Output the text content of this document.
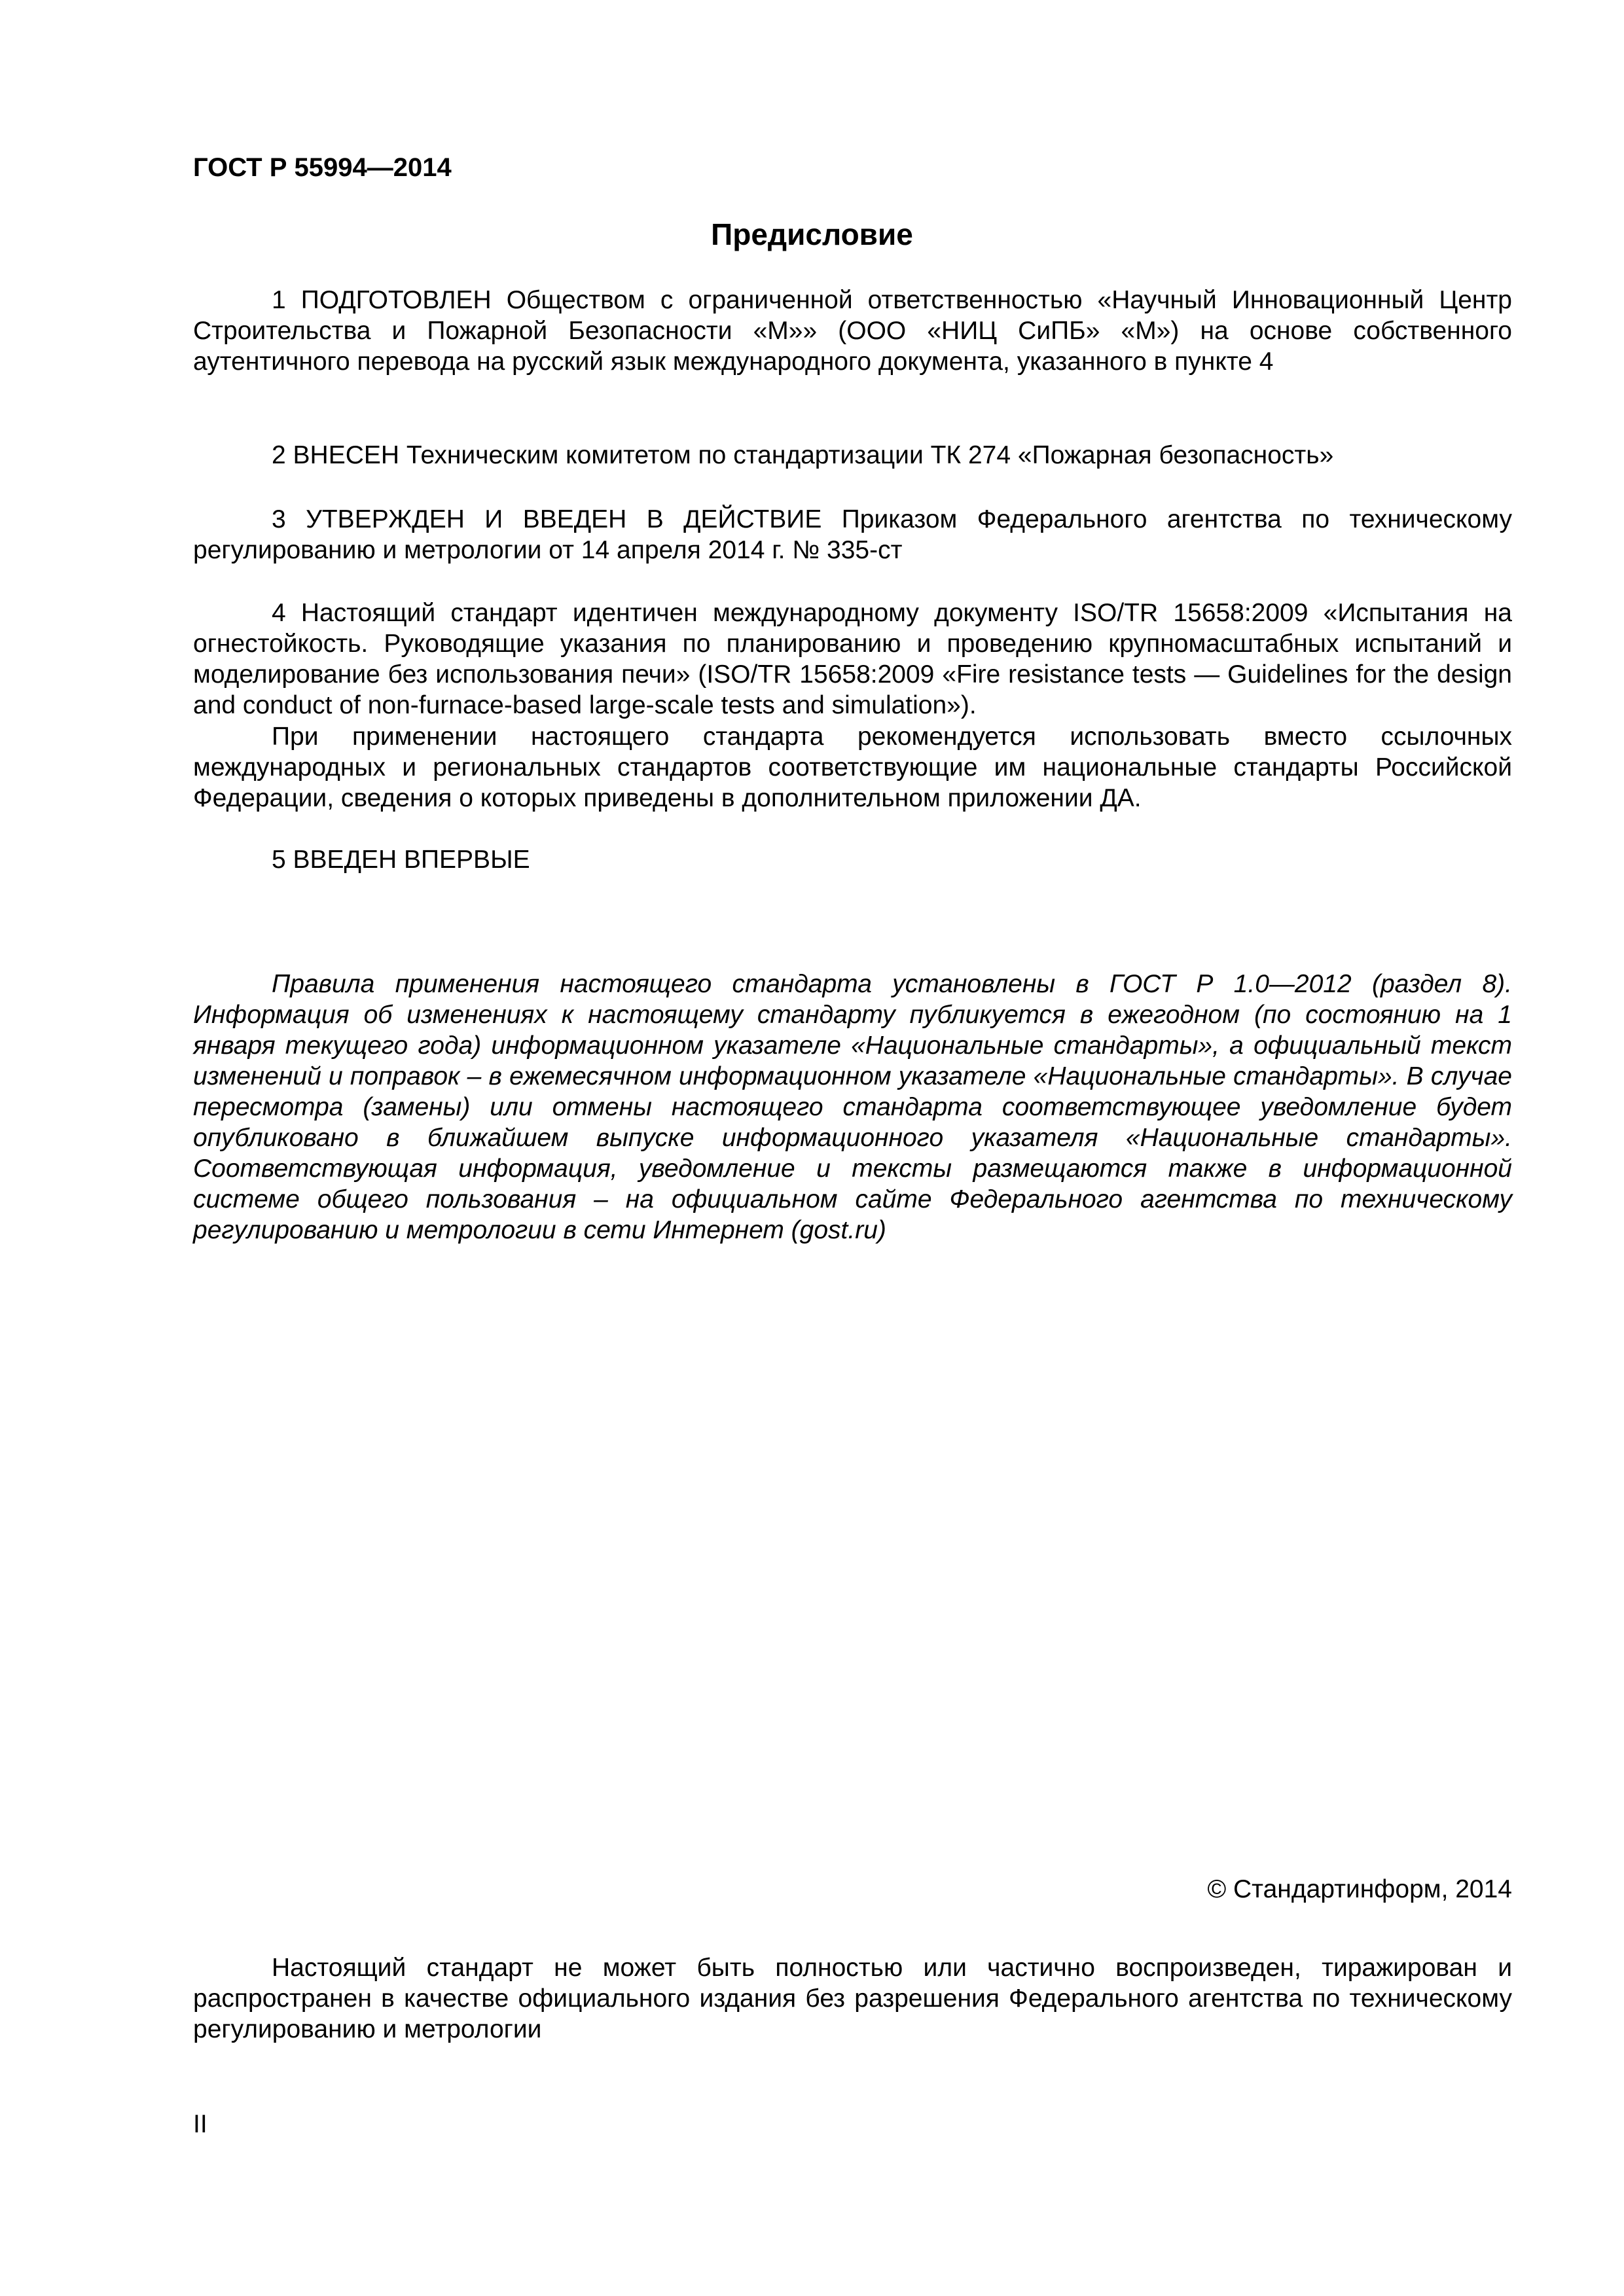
ГОСТ Р 55994—2014
Предисловие

1 ПОДГОТОВЛЕН Обществом с ограниченной ответственностью «Научный Инновационный Центр Строительства и Пожарной Безопасности «М»» (ООО «НИЦ СиПБ» «М») на основе собственного аутентичного перевода на русский язык международного документа, указанного в пункте 4

2 ВНЕСЕН Техническим комитетом по стандартизации ТК 274 «Пожарная безопасность»

3 УТВЕРЖДЕН И ВВЕДЕН В ДЕЙСТВИЕ Приказом Федерального агентства по техническому регулированию и метрологии от 14 апреля 2014 г. № 335-ст

4 Настоящий стандарт идентичен международному документу ISO/TR 15658:2009 «Испытания на огнестойкость. Руководящие указания по планированию и проведению крупномасштабных испытаний и моделирование без использования печи» (ISO/TR 15658:2009 «Fire resistance tests — Guidelines for the design and conduct of non-furnace-based large-scale tests and simulation»).

При применении настоящего стандарта рекомендуется использовать вместо ссылочных международных и региональных стандартов соответствующие им национальные стандарты Российской Федерации, сведения о которых приведены в дополнительном приложении ДА.

5 ВВЕДЕН ВПЕРВЫЕ

Правила применения настоящего стандарта установлены в ГОСТ Р 1.0—2012 (раздел 8). Информация об изменениях к настоящему стандарту публикуется в ежегодном (по состоянию на 1 января текущего года) информационном указателе «Национальные стандарты», а официальный текст изменений и поправок – в ежемесячном информационном указателе «Национальные стандарты». В случае пересмотра (замены) или отмены настоящего стандарта соответствующее уведомление будет опубликовано в ближайшем выпуске информационного указателя «Национальные стандарты». Соответствующая информация, уведомление и тексты размещаются также в информационной системе общего пользования – на официальном сайте Федерального агентства по техническому регулированию и метрологии в сети Интернет (gost.ru)

© Стандартинформ, 2014

Настоящий стандарт не может быть полностью или частично воспроизведен, тиражирован и распространен в качестве официального издания без разрешения Федерального агентства по техническому регулированию и метрологии

II
